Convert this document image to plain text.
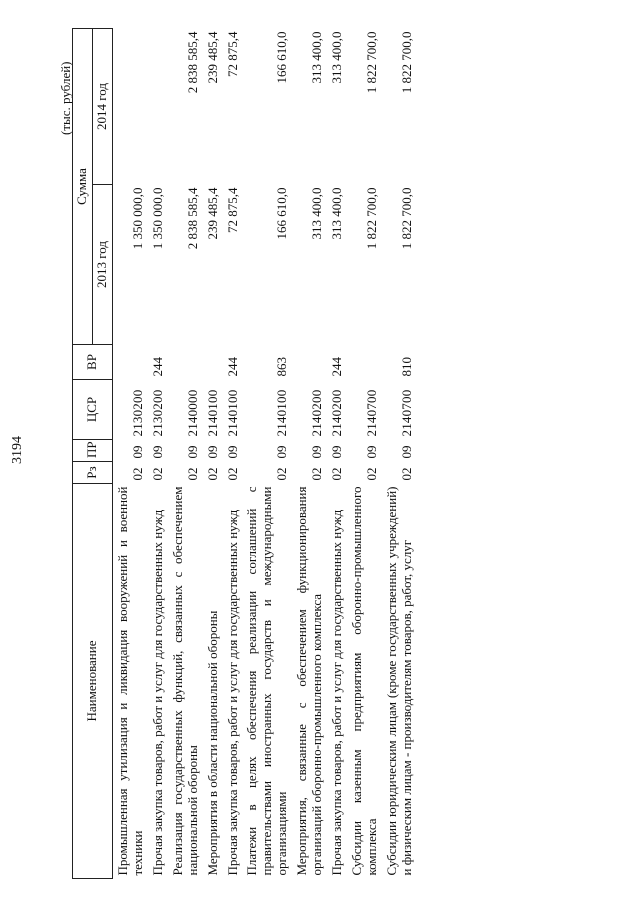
3194
(тыс. рублей)
Наименование	Рз	ПР	ЦСР	ВР	Сумма	
					2013 год	2014 год
Промышленная утилизация и ликвидация вооружений и военной техники	02	09	2130200		1 350 000,0	
Прочая закупка товаров, работ и услуг для государственных нужд	02	09	2130200	244	1 350 000,0	
Реализация государственных функций, связанных с обеспечением национальной обороны	02	09	2140000		2 838 585,4	2 838 585,4
Мероприятия в области национальной обороны	02	09	2140100		239 485,4	239 485,4
Прочая закупка товаров, работ и услуг для государственных нужд	02	09	2140100	244	72 875,4	72 875,4
Платежи в целях обеспечения реализации соглашений с правительствами иностранных государств и международными организациями	02	09	2140100	863	166 610,0	166 610,0
Мероприятия, связанные с обеспечением функционирования организаций оборонно-промышленного комплекса	02	09	2140200		313 400,0	313 400,0
Прочая закупка товаров, работ и услуг для государственных нужд	02	09	2140200	244	313 400,0	313 400,0
Субсидии казенным предприятиям оборонно-промышленного комплекса	02	09	2140700		1 822 700,0	1 822 700,0
Субсидии юридическим лицам (кроме государственных учреждений) и физическим лицам - производителям товаров, работ, услуг	02	09	2140700	810	1 822 700,0	1 822 700,0
